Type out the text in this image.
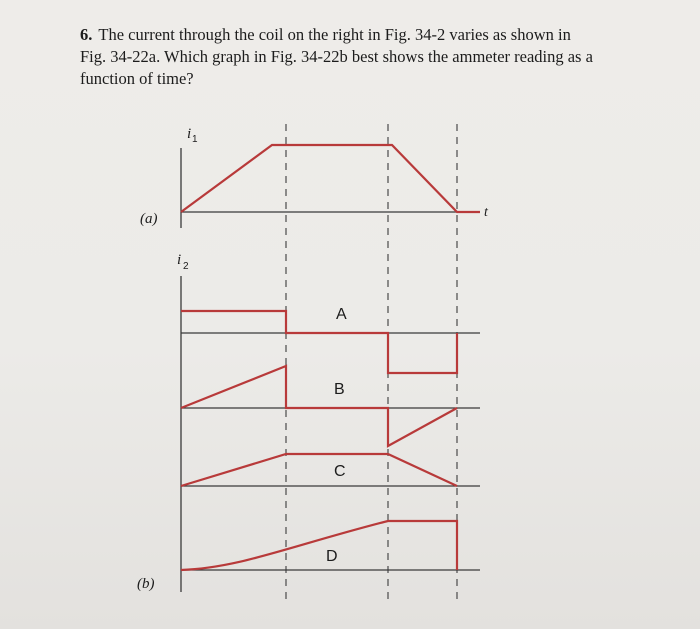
6. The current through the coil on the right in Fig. 34-2 varies as shown in Fig. 34-22a. Which graph in Fig. 34-22b best shows the ammeter reading as a function of time?
i 1
t
(a)
i 2
A
B
C
D
(b)
